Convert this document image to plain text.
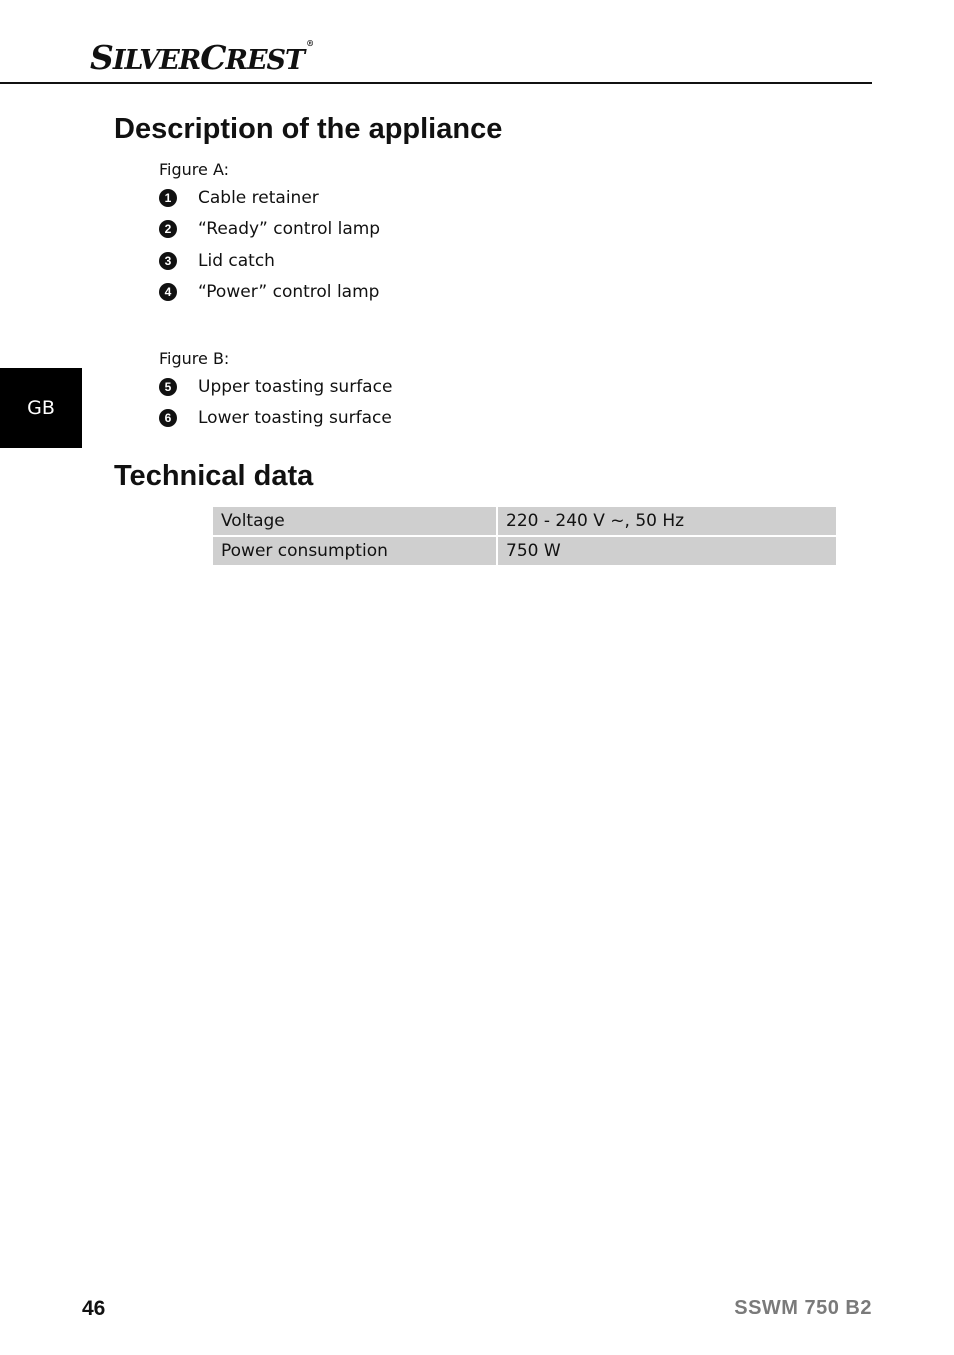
SILVERCREST®
Description of the appliance
Figure A:
1	Cable retainer
2	“Ready” control lamp
3	Lid catch
4	“Power” control lamp
Figure B:
5	Upper toasting surface
6	Lower toasting surface
GB
Technical data
Voltage	220 - 240 V ~, 50 Hz
Power consumption	750 W
46	SSWM 750 B2
